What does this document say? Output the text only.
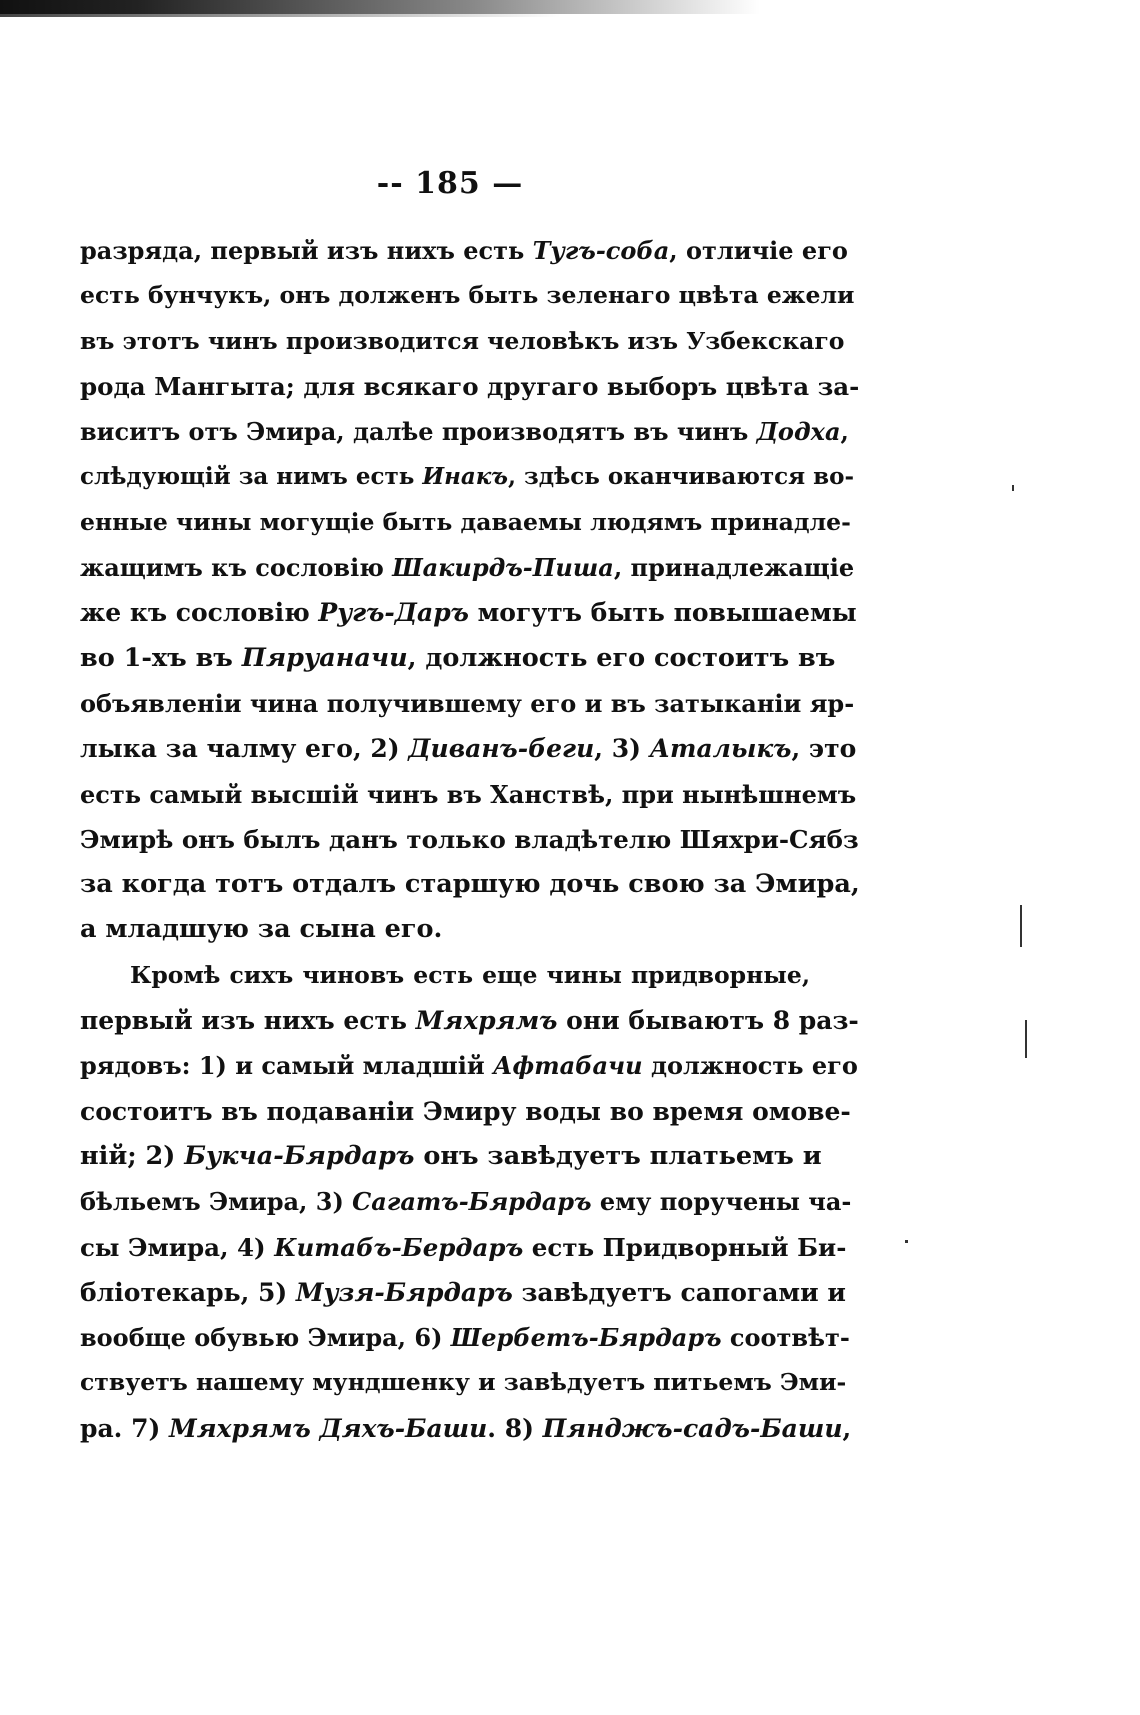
-- 185 —
разряда, первый изъ нихъ есть Тугъ-соба, отличіе его
есть бунчукъ, онъ долженъ быть зеленаго цвѣта ежели
въ этотъ чинъ производится человѣкъ изъ Узбекскаго
рода Мангыта; для всякаго другаго выборъ цвѣта за-
виситъ отъ Эмира, далѣе производятъ въ чинъ Додха,
слѣдующій за нимъ есть Инакъ, здѣсь оканчиваются во-
енные чины могущіе быть даваемы людямъ принадле-
жащимъ къ сословію Шакирдъ-Пиша, принадлежащіе
же къ сословію Ругъ-Даръ могутъ быть повышаемы
во 1-хъ въ Пяруаначи, должность его состоитъ въ
объявленіи чина получившему его и въ затыканіи яр-
лыка за чалму его, 2) Диванъ-беги, 3) Аталыкъ, это
есть самый высшій чинъ въ Ханствѣ, при нынѣшнемъ
Эмирѣ онъ былъ данъ только владѣтелю Шяхри-Сябз
за когда тотъ отдалъ старшую дочь свою за Эмира,
а младшую за сына его.
Кромѣ сихъ чиновъ есть еще чины придворные,
первый изъ нихъ есть Мяхрямъ они бываютъ 8 раз-
рядовъ: 1) и самый младшій Афтабачи должность его
состоитъ въ подаваніи Эмиру воды во время омове-
ній; 2) Букча-Бярдаръ онъ завѣдуетъ платьемъ и
бѣльемъ Эмира, 3) Сагатъ-Бярдаръ ему поручены ча-
сы Эмира, 4) Китабъ-Бердаръ есть Придворный Би-
бліотекарь, 5) Музя-Бярдаръ завѣдуетъ сапогами и
вообще обувью Эмира, 6) Шербетъ-Бярдаръ соотвѣт-
ствуетъ нашему мундшенку и завѣдуетъ питьемъ Эми-
ра. 7) Мяхрямъ Дяхъ-Баши. 8) Пянджъ-садъ-Баши,
